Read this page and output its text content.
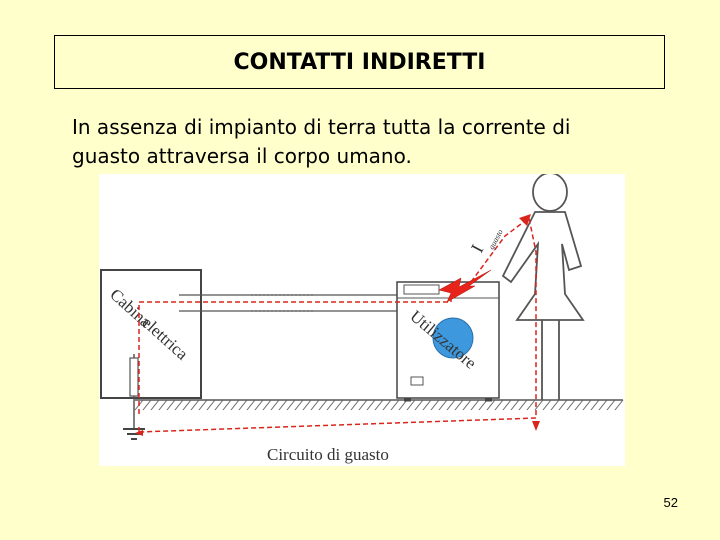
CONTATTI INDIRETTI
In assenza di impianto di terra tutta la corrente di guasto attraversa il corpo umano.
Cabina
elettrica	Utilizzatore
I guasto
Circuito di guasto
52
